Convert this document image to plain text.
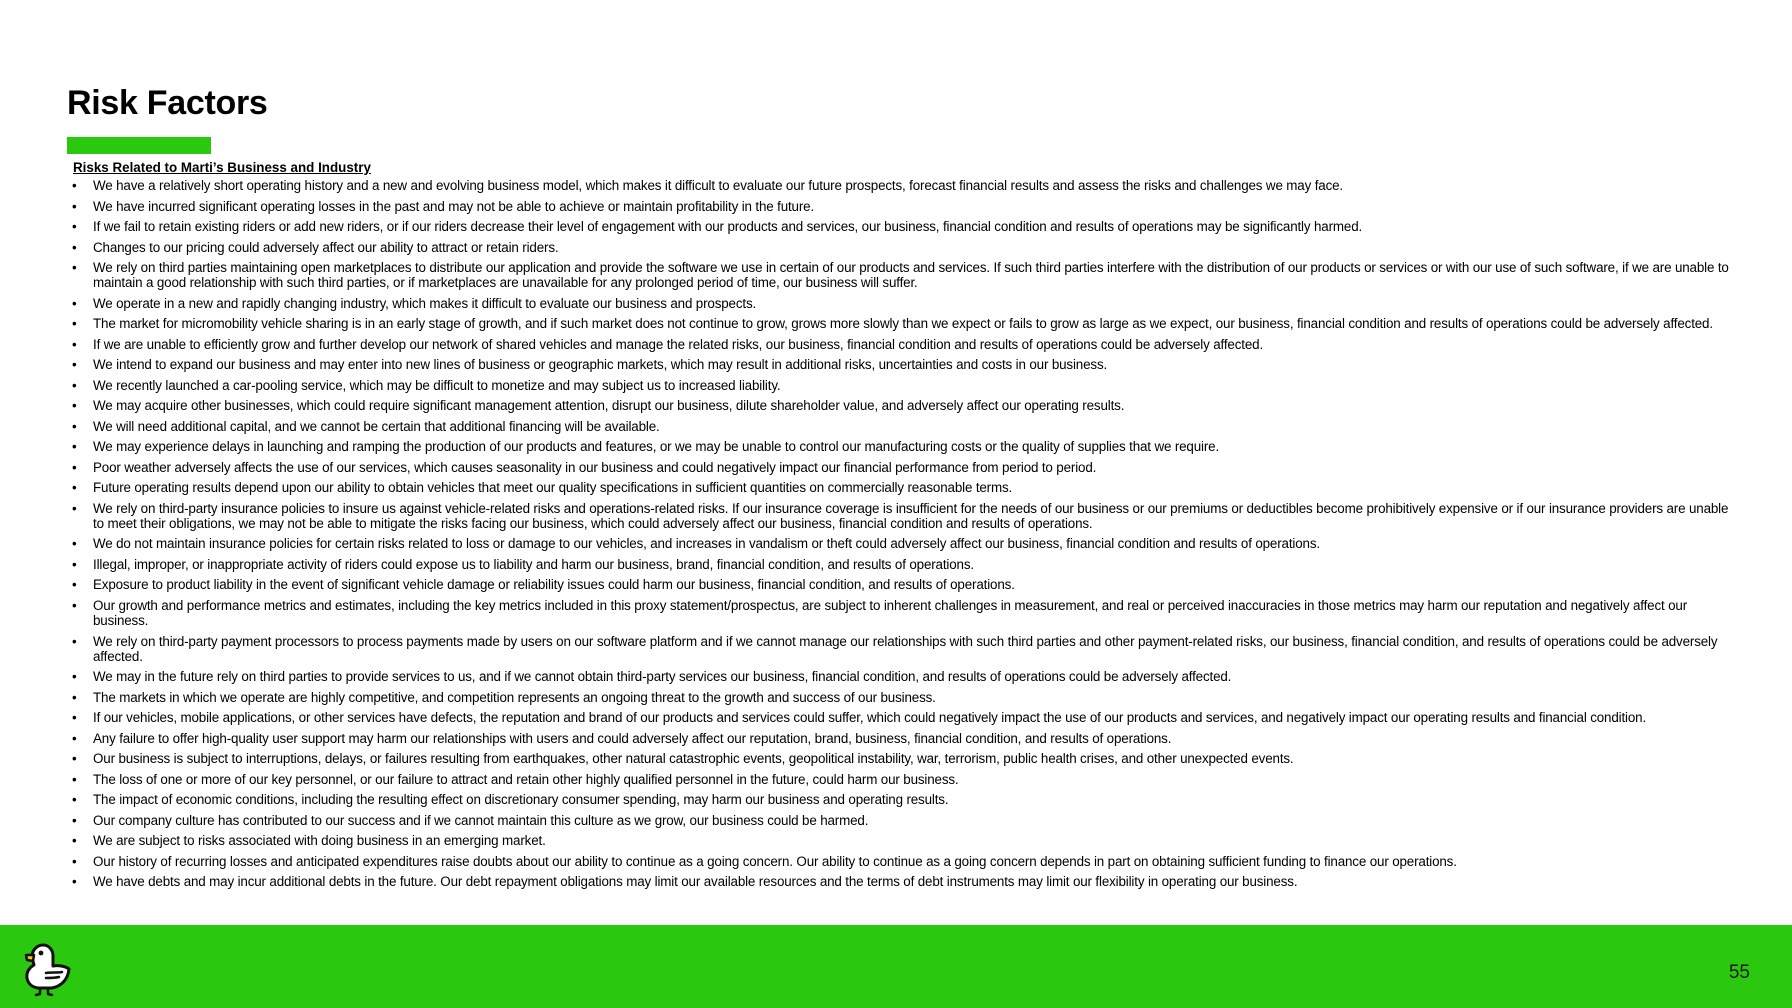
Risk Factors
Risks Related to Marti’s Business and Industry
•	We have a relatively short operating history and a new and evolving business model, which makes it difficult to evaluate our future prospects, forecast financial results and assess the risks and challenges we may face.
•	We have incurred significant operating losses in the past and may not be able to achieve or maintain profitability in the future.
•	If we fail to retain existing riders or add new riders, or if our riders decrease their level of engagement with our products and services, our business, financial condition and results of operations may be significantly harmed.
•	Changes to our pricing could adversely affect our ability to attract or retain riders.
•	We rely on third parties maintaining open marketplaces to distribute our application and provide the software we use in certain of our products and services. If such third parties interfere with the distribution of our products or services or with our use of such software, if we are unable to maintain a good relationship with such third parties, or if marketplaces are unavailable for any prolonged period of time, our business will suffer.
•	We operate in a new and rapidly changing industry, which makes it difficult to evaluate our business and prospects.
•	The market for micromobility vehicle sharing is in an early stage of growth, and if such market does not continue to grow, grows more slowly than we expect or fails to grow as large as we expect, our business, financial condition and results of operations could be adversely affected.
•	If we are unable to efficiently grow and further develop our network of shared vehicles and manage the related risks, our business, financial condition and results of operations could be adversely affected.
•	We intend to expand our business and may enter into new lines of business or geographic markets, which may result in additional risks, uncertainties and costs in our business.
•	We recently launched a car-pooling service, which may be difficult to monetize and may subject us to increased liability.
•	We may acquire other businesses, which could require significant management attention, disrupt our business, dilute shareholder value, and adversely affect our operating results.
•	We will need additional capital, and we cannot be certain that additional financing will be available.
•	We may experience delays in launching and ramping the production of our products and features, or we may be unable to control our manufacturing costs or the quality of supplies that we require.
•	Poor weather adversely affects the use of our services, which causes seasonality in our business and could negatively impact our financial performance from period to period.
•	Future operating results depend upon our ability to obtain vehicles that meet our quality specifications in sufficient quantities on commercially reasonable terms.
•	We rely on third-party insurance policies to insure us against vehicle-related risks and operations-related risks. If our insurance coverage is insufficient for the needs of our business or our premiums or deductibles become prohibitively expensive or if our insurance providers are unable to meet their obligations, we may not be able to mitigate the risks facing our business, which could adversely affect our business, financial condition and results of operations.
•	We do not maintain insurance policies for certain risks related to loss or damage to our vehicles, and increases in vandalism or theft could adversely affect our business, financial condition and results of operations.
•	Illegal, improper, or inappropriate activity of riders could expose us to liability and harm our business, brand, financial condition, and results of operations.
•	Exposure to product liability in the event of significant vehicle damage or reliability issues could harm our business, financial condition, and results of operations.
•	Our growth and performance metrics and estimates, including the key metrics included in this proxy statement/prospectus, are subject to inherent challenges in measurement, and real or perceived inaccuracies in those metrics may harm our reputation and negatively affect our business.
•	We rely on third-party payment processors to process payments made by users on our software platform and if we cannot manage our relationships with such third parties and other payment-related risks, our business, financial condition, and results of operations could be adversely affected.
•	We may in the future rely on third parties to provide services to us, and if we cannot obtain third-party services our business, financial condition, and results of operations could be adversely affected.
•	The markets in which we operate are highly competitive, and competition represents an ongoing threat to the growth and success of our business.
•	If our vehicles, mobile applications, or other services have defects, the reputation and brand of our products and services could suffer, which could negatively impact the use of our products and services, and negatively impact our operating results and financial condition.
•	Any failure to offer high-quality user support may harm our relationships with users and could adversely affect our reputation, brand, business, financial condition, and results of operations.
•	Our business is subject to interruptions, delays, or failures resulting from earthquakes, other natural catastrophic events, geopolitical instability, war, terrorism, public health crises, and other unexpected events.
•	The loss of one or more of our key personnel, or our failure to attract and retain other highly qualified personnel in the future, could harm our business.
•	The impact of economic conditions, including the resulting effect on discretionary consumer spending, may harm our business and operating results.
•	Our company culture has contributed to our success and if we cannot maintain this culture as we grow, our business could be harmed.
•	We are subject to risks associated with doing business in an emerging market.
•	Our history of recurring losses and anticipated expenditures raise doubts about our ability to continue as a going concern. Our ability to continue as a going concern depends in part on obtaining sufficient funding to finance our operations.
•	We have debts and may incur additional debts in the future. Our debt repayment obligations may limit our available resources and the terms of debt instruments may limit our flexibility in operating our business.
55
